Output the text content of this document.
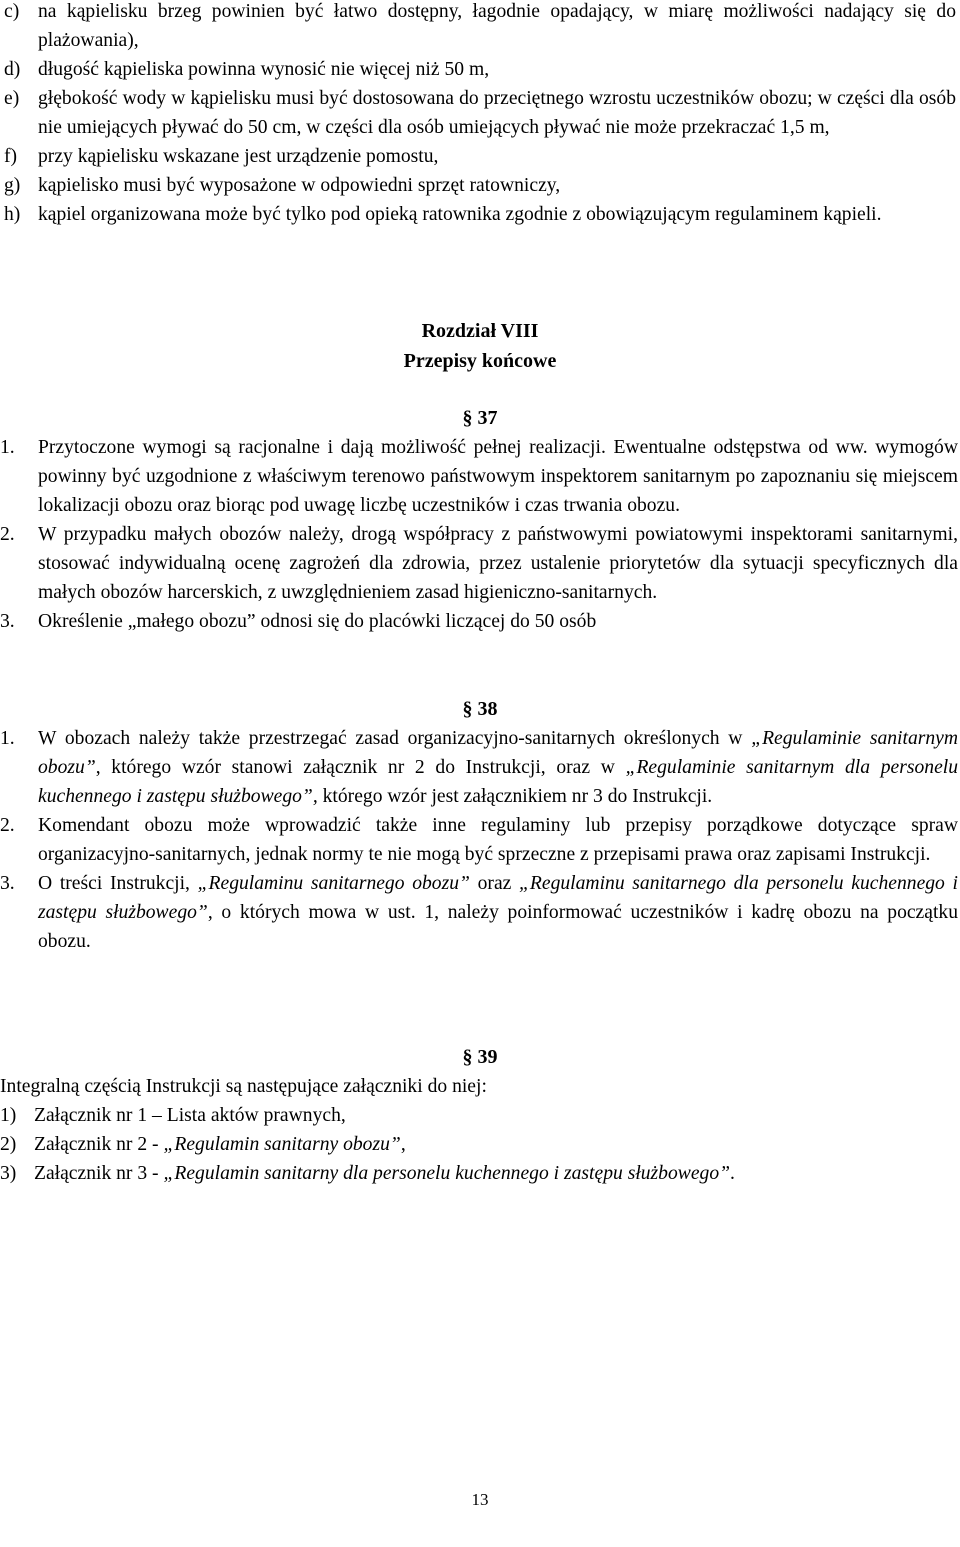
c) na kąpielisku brzeg powinien być łatwo dostępny, łagodnie opadający, w miarę możliwości nadający się do plażowania),

d) długość kąpieliska powinna wynosić nie więcej niż 50 m,

e) głębokość wody w kąpielisku musi być dostosowana do przeciętnego wzrostu uczestników obozu; w części dla osób nie umiejących pływać do 50 cm, w części dla osób umiejących pływać nie może przekraczać 1,5 m,

f)	przy kąpielisku wskazane jest urządzenie pomostu,

g) kąpielisko musi być wyposażone w odpowiedni sprzęt ratowniczy,

h) kąpiel organizowana może być tylko pod opieką ratownika zgodnie z obowiązującym regulaminem kąpieli.

Rozdział VIII
Przepisy końcowe
§ 37
1.	Przytoczone wymogi są racjonalne i dają możliwość pełnej realizacji. Ewentualne odstępstwa od ww. wymogów powinny być uzgodnione z właściwym terenowo państwowym inspektorem sanitarnym po zapoznaniu się miejscem lokalizacji obozu oraz biorąc pod uwagę liczbę uczestników i czas trwania obozu.

2.	W przypadku małych obozów należy, drogą współpracy z państwowymi powiatowymi inspektorami sanitarnymi, stosować indywidualną ocenę zagrożeń dla zdrowia, przez ustalenie priorytetów dla sytuacji specyficznych dla małych obozów harcerskich, z uwzględnieniem zasad higieniczno-sanitarnych.

3.	Określenie „małego obozu” odnosi się do placówki liczącej do 50 osób

§ 38
1.	W obozach należy także przestrzegać zasad organizacyjno-sanitarnych określonych w „Regulaminie sanitarnym obozu”, którego wzór stanowi załącznik nr 2 do Instrukcji, oraz w „Regulaminie sanitarnym dla personelu kuchennego i zastępu służbowego”, którego wzór jest załącznikiem nr 3 do Instrukcji.

2.	Komendant obozu może wprowadzić także inne regulaminy lub przepisy porządkowe dotyczące spraw organizacyjno-sanitarnych, jednak normy te nie mogą być sprzeczne z przepisami prawa oraz zapisami Instrukcji.

3.	O treści Instrukcji, „Regulaminu sanitarnego obozu” oraz „Regulaminu sanitarnego dla personelu kuchennego i zastępu służbowego”, o których mowa w ust. 1, należy poinformować uczestników i kadrę obozu na początku obozu.

§ 39

Integralną częścią Instrukcji są następujące załączniki do niej:

1) Załącznik nr 1 – Lista aktów prawnych,

2) Załącznik nr 2 - „Regulamin sanitarny obozu”,

3) Załącznik nr 3 - „Regulamin sanitarny dla personelu kuchennego i zastępu służbowego”.

13
